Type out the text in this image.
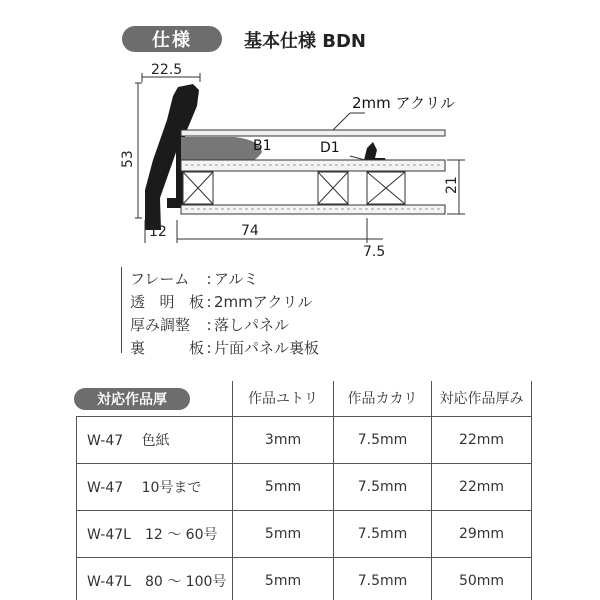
仕様	基本仕様 BDN
22.5
53
2mm アクリル
B1	D1
21
12	74
7.5
フレーム	: アルミ
透 明 板 : 2mmアクリル
厚み調整	: 落しパネル
裏	板 : 片面パネル裏板
	作品ユトリ	作品カカリ	対応作品厚み
W-47　 色紙	3mm	7.5mm	22mm
W-47　 10号まで	5mm	7.5mm	22mm
W-47L　12 ～ 60号	5mm	7.5mm	29mm
W-47L　80 ～ 100号	5mm	7.5mm	50mm
対応作品厚
